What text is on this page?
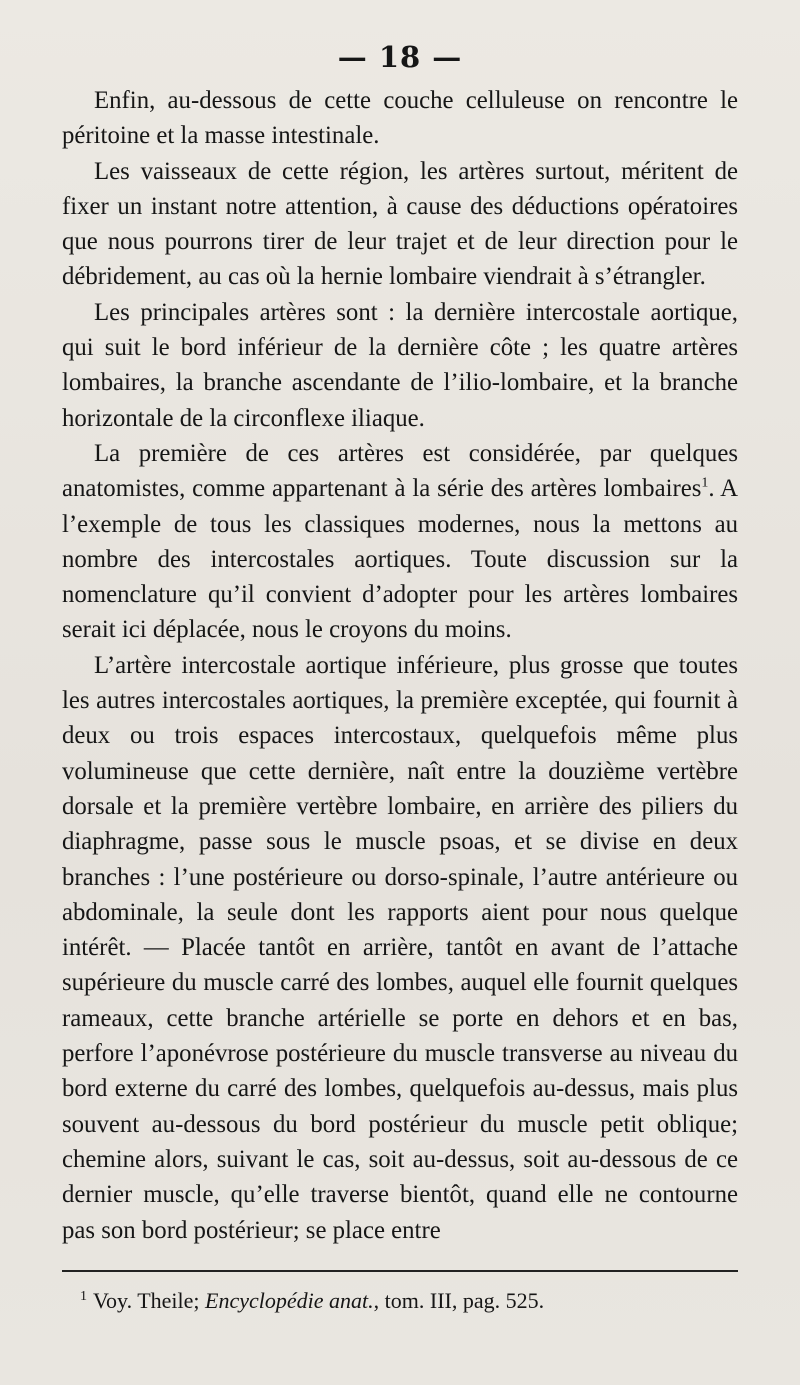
— 18 —

Enfin, au-dessous de cette couche celluleuse on rencontre le péritoine et la masse intestinale.

Les vaisseaux de cette région, les artères surtout, méritent de fixer un instant notre attention, à cause des déductions opératoires que nous pourrons tirer de leur trajet et de leur direction pour le débridement, au cas où la hernie lombaire viendrait à s’étrangler.

Les principales artères sont : la dernière intercostale aortique, qui suit le bord inférieur de la dernière côte ; les quatre artères lombaires, la branche ascendante de l’ilio-lombaire, et la branche horizontale de la circonflexe iliaque.

La première de ces artères est considérée, par quelques anatomistes, comme appartenant à la série des artères lombaires$^1$. A l’exemple de tous les classiques modernes, nous la mettons au nombre des intercostales aortiques. Toute discussion sur la nomenclature qu’il convient d’adopter pour les artères lombaires serait ici déplacée, nous le croyons du moins.

L’artère intercostale aortique inférieure, plus grosse que toutes les autres intercostales aortiques, la première exceptée, qui fournit à deux ou trois espaces intercostaux, quelquefois même plus volumineuse que cette dernière, naît entre la douzième vertèbre dorsale et la première vertèbre lombaire, en arrière des piliers du diaphragme, passe sous le muscle psoas, et se divise en deux branches : l’une postérieure ou dorso-spinale, l’autre antérieure ou abdominale, la seule dont les rapports aient pour nous quelque intérêt. — Placée tantôt en arrière, tantôt en avant de l’attache supérieure du muscle carré des lombes, auquel elle fournit quelques rameaux, cette branche artérielle se porte en dehors et en bas, perfore l’aponévrose postérieure du muscle transverse au niveau du bord externe du carré des lombes, quelquefois au-dessus, mais plus souvent au-dessous du bord postérieur du muscle petit oblique; chemine alors, suivant le cas, soit au-dessus, soit au-dessous de ce dernier muscle, qu’elle traverse bientôt, quand elle ne contourne pas son bord postérieur; se place entre

$^1$ Voy. Theile; Encyclopédie anat., tom. III, pag. 525.
